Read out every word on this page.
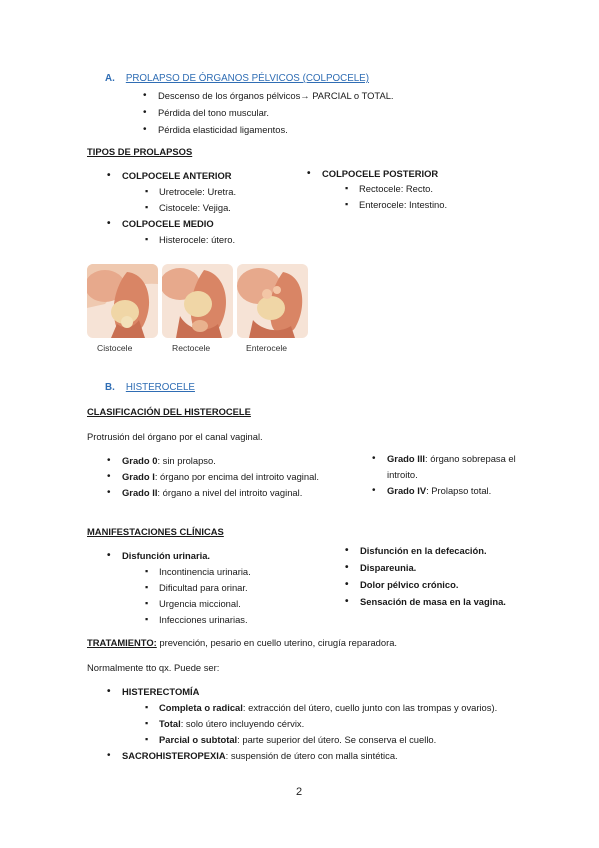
A. PROLAPSO DE ÓRGANOS PÉLVICOS (COLPOCELE)
• Descenso de los órganos pélvicos→ PARCIAL o TOTAL.
• Pérdida del tono muscular.
• Pérdida elasticidad ligamentos.
TIPOS DE PROLAPSOS
• COLPOCELE ANTERIOR
▪ Uretrocele: Uretra.
▪ Cistocele: Vejiga.
• COLPOCELE MEDIO
▪ Histerocele: útero.
• COLPOCELE POSTERIOR
▪ Rectocele: Recto.
▪ Enterocele: Intestino.
Cistocele	Rectocele	Enterocele
B. HISTEROCELE
CLASIFICACIÓN DEL HISTEROCELE
Protrusión del órgano por el canal vaginal.
• Grado 0: sin prolapso.
• Grado I: órgano por encima del introito vaginal.
• Grado II: órgano a nivel del introito vaginal.
• Grado III: órgano sobrepasa el
introito.
• Grado IV: Prolapso total.
MANIFESTACIONES CLÍNICAS
• Disfunción urinaria.
▪ Incontinencia urinaria.
▪ Dificultad para orinar.
▪ Urgencia miccional.
▪ Infecciones urinarias.
• Disfunción en la defecación.
• Dispareunia.
• Dolor pélvico crónico.
• Sensación de masa en la vagina.
TRATAMIENTO: prevención, pesario en cuello uterino, cirugía reparadora.
Normalmente tto qx. Puede ser:
• HISTERECTOMÍA
▪ Completa o radical: extracción del útero, cuello junto con las trompas y ovarios).
▪ Total: solo útero incluyendo cérvix.
▪ Parcial o subtotal: parte superior del útero. Se conserva el cuello.
• SACROHISTEROPEXIA: suspensión de útero con malla sintética.
2
